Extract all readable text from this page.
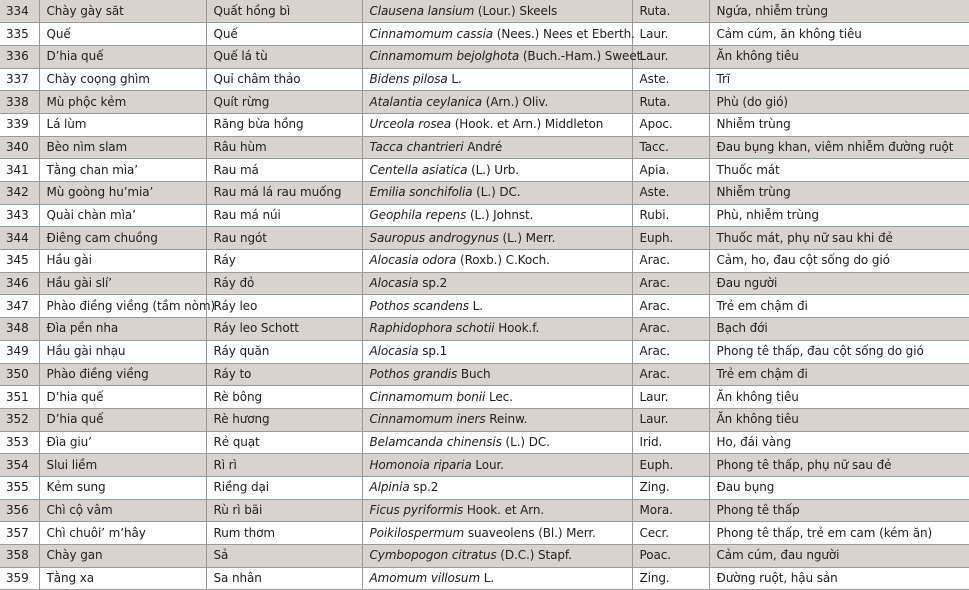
334	Chày gày săt	Quất hồng bì	Clausena lansium (Lour.) Skeels	Ruta.	Ngứa, nhiễm trùng
335	Quế	Quế	Cinnamomum cassia (Nees.) Nees et Eberth.	Laur.	Cảm cúm, ăn không tiêu
336	D’hia quế	Quế lá tù	Cinnamomum bejolghota (Buch.-Ham.) Sweet.	Laur.	Ăn không tiêu
337	Chày coọng ghìm	Quỉ châm thảo	Bidens pilosa L.	Aste.	Trĩ
338	Mù phộc kẻm	Quít rừng	Atalantia ceylanica (Arn.) Oliv.	Ruta.	Phù (do gió)
339	Lá lùm	Răng bừa hồng	Urceola rosea (Hook. et Arn.) Middleton	Apoc.	Nhiễm trùng
340	Bèo nìm slam	Râu hùm	Tacca chantrieri André	Tacc.	Đau bụng khan, viêm nhiễm đường ruột
341	Tằng chan mìa’	Rau má	Centella asiatica (L.) Urb.	Apia.	Thuốc mát
342	Mù goòng hu’mia’	Rau má lá rau muống	Emilia sonchifolia (L.) DC.	Aste.	Nhiễm trùng
343	Quài chàn mìa’	Rau má núi	Geophila repens (L.) Johnst.	Rubi.	Phù, nhiễm trùng
344	Điêng cam chuồng	Rau ngót	Sauropus androgynus (L.) Merr.	Euph.	Thuốc mát, phụ nữ sau khi đẻ
345	Hầu gài	Ráy	Alocasia odora (Roxb.) C.Koch.	Arac.	Cảm, ho, đau cột sống do gió
346	Hầu gài slí’	Ráy đỏ	Alocasia sp.2	Arac.	Đau người
347	Phào điềng viềng (tầm nòm)	Ráy leo	Pothos scandens L.	Arac.	Trẻ em chậm đi
348	Đìa pền nha	Ráy leo Schott	Raphidophora schotii Hook.f.	Arac.	Bạch đới
349	Hầu gài nhạu	Ráy quăn	Alocasia sp.1	Arac.	Phong tê thấp, đau cột sống do gió
350	Phào điềng viềng	Ráy to	Pothos grandis Buch	Arac.	Trẻ em chậm đi
351	D’hia quế	Rè bông	Cinnamomum bonii Lec.	Laur.	Ăn không tiêu
352	D’hia quế	Rè hương	Cinnamomum iners Reinw.	Laur.	Ăn không tiêu
353	Đìa giu’	Rẻ quạt	Belamcanda chinensis (L.) DC.	Irid.	Ho, đái vàng
354	Slui liềm	Rì rì	Homonoia riparia Lour.	Euph.	Phong tê thấp, phụ nữ sau đẻ
355	Kẻm sung	Riềng dại	Alpinia sp.2	Zing.	Đau bụng
356	Chì cộ vâm	Rù rì bãi	Ficus pyriformis Hook. et Arn.	Mora.	Phong tê thấp
357	Chì chuôi’ m’hây	Rum thơm	Poikilospermum suaveolens (Bl.) Merr.	Cecr.	Phong tê thấp, trẻ em cam (kém ăn)
358	Chày gan	Sả	Cymbopogon citratus (D.C.) Stapf.	Poac.	Cảm cúm, đau người
359	Tằng xa	Sa nhân	Amomum villosum L.	Zing.	Đường ruột, hậu sản
